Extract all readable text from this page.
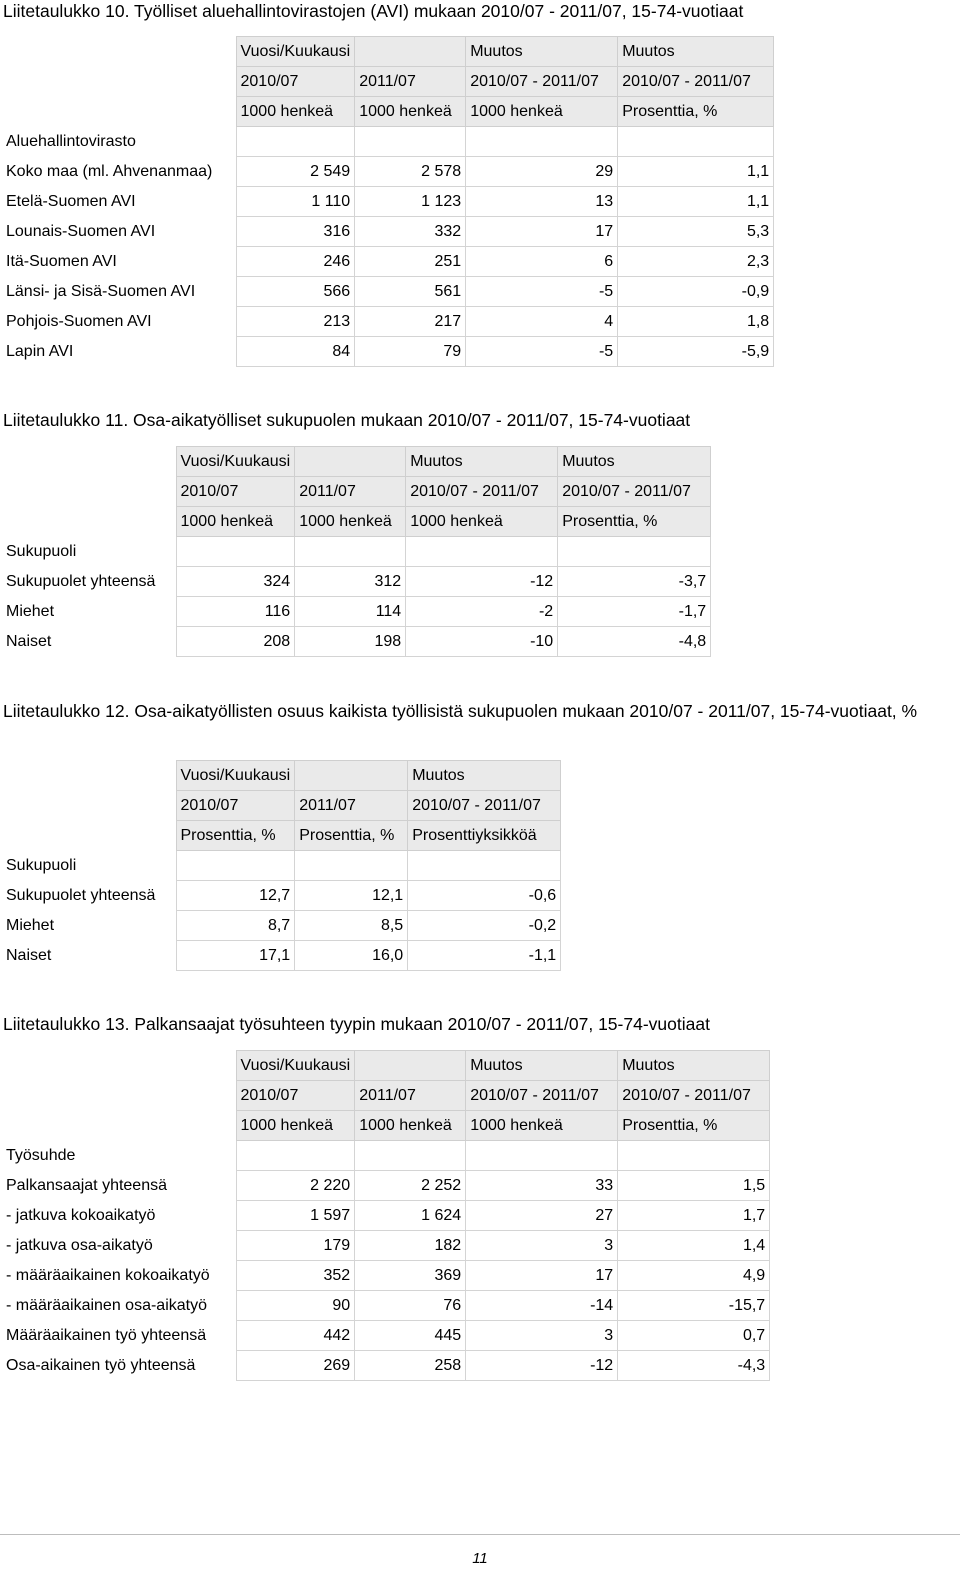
Liitetaulukko 10. Työlliset aluehallintovirastojen (AVI) mukaan 2010/07 - 2011/07, 15-74-vuotiaat
	Vuosi/Kuukausi		Muutos	Muutos
	2010/07	2011/07	2010/07 - 2011/07	2010/07 - 2011/07
	1000 henkeä	1000 henkeä	1000 henkeä	Prosenttia, %
Aluehallintovirasto				
Koko maa (ml. Ahvenanmaa)	2 549	2 578	29	1,1
Etelä-Suomen AVI	1 110	1 123	13	1,1
Lounais-Suomen AVI	316	332	17	5,3
Itä-Suomen AVI	246	251	6	2,3
Länsi- ja Sisä-Suomen AVI	566	561	-5	-0,9
Pohjois-Suomen AVI	213	217	4	1,8
Lapin AVI	84	79	-5	-5,9
Liitetaulukko 11. Osa-aikatyölliset sukupuolen mukaan 2010/07 - 2011/07, 15-74-vuotiaat
	Vuosi/Kuukausi		Muutos	Muutos
	2010/07	2011/07	2010/07 - 2011/07	2010/07 - 2011/07
	1000 henkeä	1000 henkeä	1000 henkeä	Prosenttia, %
Sukupuoli				
Sukupuolet yhteensä	324	312	-12	-3,7
Miehet	116	114	-2	-1,7
Naiset	208	198	-10	-4,8
Liitetaulukko 12. Osa-aikatyöllisten osuus kaikista työllisistä sukupuolen mukaan 2010/07 - 2011/07, 15-74-vuotiaat, %
	Vuosi/Kuukausi		Muutos
	2010/07	2011/07	2010/07 - 2011/07
	Prosenttia, %	Prosenttia, %	Prosenttiyksikköä
Sukupuoli			
Sukupuolet yhteensä	12,7	12,1	-0,6
Miehet	8,7	8,5	-0,2
Naiset	17,1	16,0	-1,1
Liitetaulukko 13. Palkansaajat työsuhteen tyypin mukaan 2010/07 - 2011/07, 15-74-vuotiaat
	Vuosi/Kuukausi		Muutos	Muutos
	2010/07	2011/07	2010/07 - 2011/07	2010/07 - 2011/07
	1000 henkeä	1000 henkeä	1000 henkeä	Prosenttia, %
Työsuhde				
Palkansaajat yhteensä	2 220	2 252	33	1,5
- jatkuva kokoaikatyö	1 597	1 624	27	1,7
- jatkuva osa-aikatyö	179	182	3	1,4
- määräaikainen kokoaikatyö	352	369	17	4,9
- määräaikainen osa-aikatyö	90	76	-14	-15,7
Määräaikainen työ yhteensä	442	445	3	0,7
Osa-aikainen työ yhteensä	269	258	-12	-4,3
11
